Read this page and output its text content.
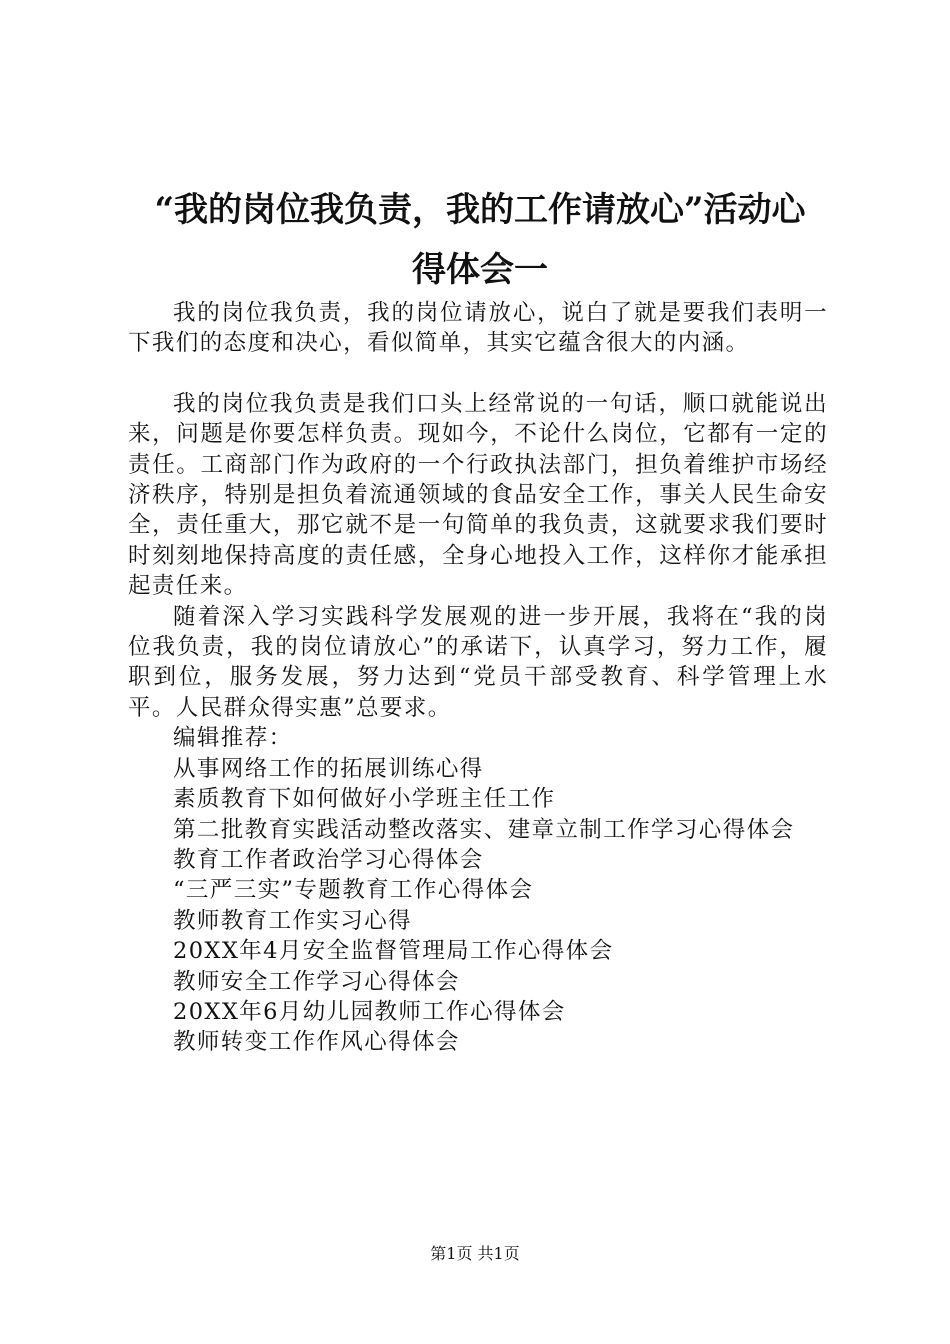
“我的岗位我负责，我的工作请放心”活动心
得体会一

我的岗位我负责，我的岗位请放心，说白了就是要我们表明一下我们的态度和决心，看似简单，其实它蕴含很大的内涵。

我的岗位我负责是我们口头上经常说的一句话，顺口就能说出来，问题是你要怎样负责。现如今，不论什么岗位，它都有一定的责任。工商部门作为政府的一个行政执法部门，担负着维护市场经济秩序，特别是担负着流通领域的食品安全工作，事关人民生命安全，责任重大，那它就不是一句简单的我负责，这就要求我们要时时刻刻地保持高度的责任感，全身心地投入工作，这样你才能承担起责任来。

随着深入学习实践科学发展观的进一步开展，我将在“我的岗位我负责，我的岗位请放心”的承诺下，认真学习，努力工作，履职到位，服务发展，努力达到“党员干部受教育、科学管理上水平。人民群众得实惠”总要求。

编辑推荐：

从事网络工作的拓展训练心得
素质教育下如何做好小学班主任工作
第二批教育实践活动整改落实、建章立制工作学习心得体会
教育工作者政治学习心得体会
“三严三实”专题教育工作心得体会
教师教育工作实习心得
20XX年4月安全监督管理局工作心得体会
教师安全工作学习心得体会
20XX年6月幼儿园教师工作心得体会
教师转变工作作风心得体会
第1页 共1页
